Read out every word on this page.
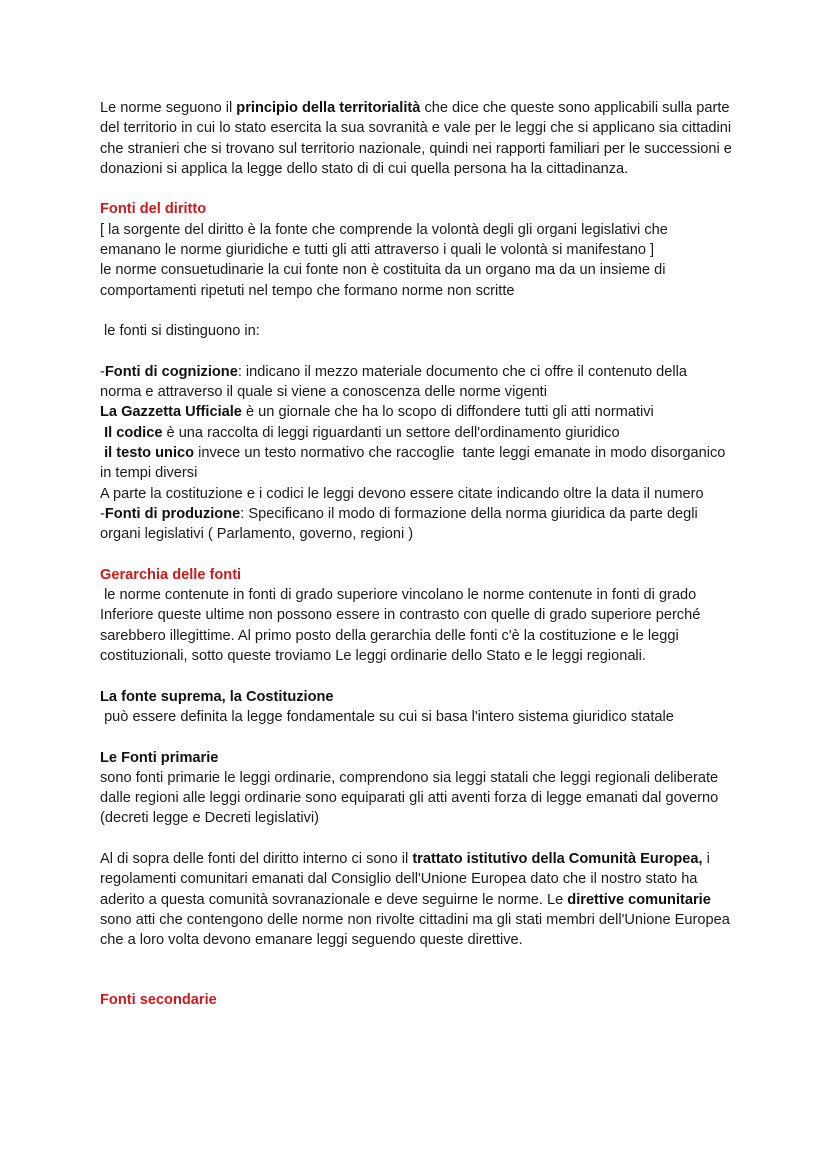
Le norme seguono il principio della territorialità che dice che queste sono applicabili sulla parte del territorio in cui lo stato esercita la sua sovranità e vale per le leggi che si applicano sia cittadini che stranieri che si trovano sul territorio nazionale, quindi nei rapporti familiari per le successioni e donazioni si applica la legge dello stato di di cui quella persona ha la cittadinanza.

Fonti del diritto

[ la sorgente del diritto è la fonte che comprende la volontà degli gli organi legislativi che emanano le norme giuridiche e tutti gli atti attraverso i quali le volontà si manifestano ]

le norme consuetudinarie la cui fonte non è costituita da un organo ma da un insieme di comportamenti ripetuti nel tempo che formano norme non scritte

le fonti si distinguono in:

-Fonti di cognizione: indicano il mezzo materiale documento che ci offre il contenuto della norma e attraverso il quale si viene a conoscenza delle norme vigenti

La Gazzetta Ufficiale è un giornale che ha lo scopo di diffondere tutti gli atti normativi

Il codice è una raccolta di leggi riguardanti un settore dell'ordinamento giuridico

il testo unico invece un testo normativo che raccoglie  tante leggi emanate in modo disorganico in tempi diversi

A parte la costituzione e i codici le leggi devono essere citate indicando oltre la data il numero

-Fonti di produzione: Specificano il modo di formazione della norma giuridica da parte degli organi legislativi ( Parlamento, governo, regioni )

Gerarchia delle fonti

le norme contenute in fonti di grado superiore vincolano le norme contenute in fonti di grado Inferiore queste ultime non possono essere in contrasto con quelle di grado superiore perché sarebbero illegittime. Al primo posto della gerarchia delle fonti c'è la costituzione e le leggi costituzionali, sotto queste troviamo Le leggi ordinarie dello Stato e le leggi regionali.

La fonte suprema, la Costituzione

può essere definita la legge fondamentale su cui si basa l'intero sistema giuridico statale

Le Fonti primarie

sono fonti primarie le leggi ordinarie, comprendono sia leggi statali che leggi regionali deliberate dalle regioni alle leggi ordinarie sono equiparati gli atti aventi forza di legge emanati dal governo (decreti legge e Decreti legislativi)

Al di sopra delle fonti del diritto interno ci sono il trattato istitutivo della Comunità Europea, i regolamenti comunitari emanati dal Consiglio dell'Unione Europea dato che il nostro stato ha aderito a questa comunità sovranazionale e deve seguirne le norme. Le direttive comunitarie sono atti che contengono delle norme non rivolte cittadini ma gli stati membri dell'Unione Europea che a loro volta devono emanare leggi seguendo queste direttive.

Fonti secondarie
